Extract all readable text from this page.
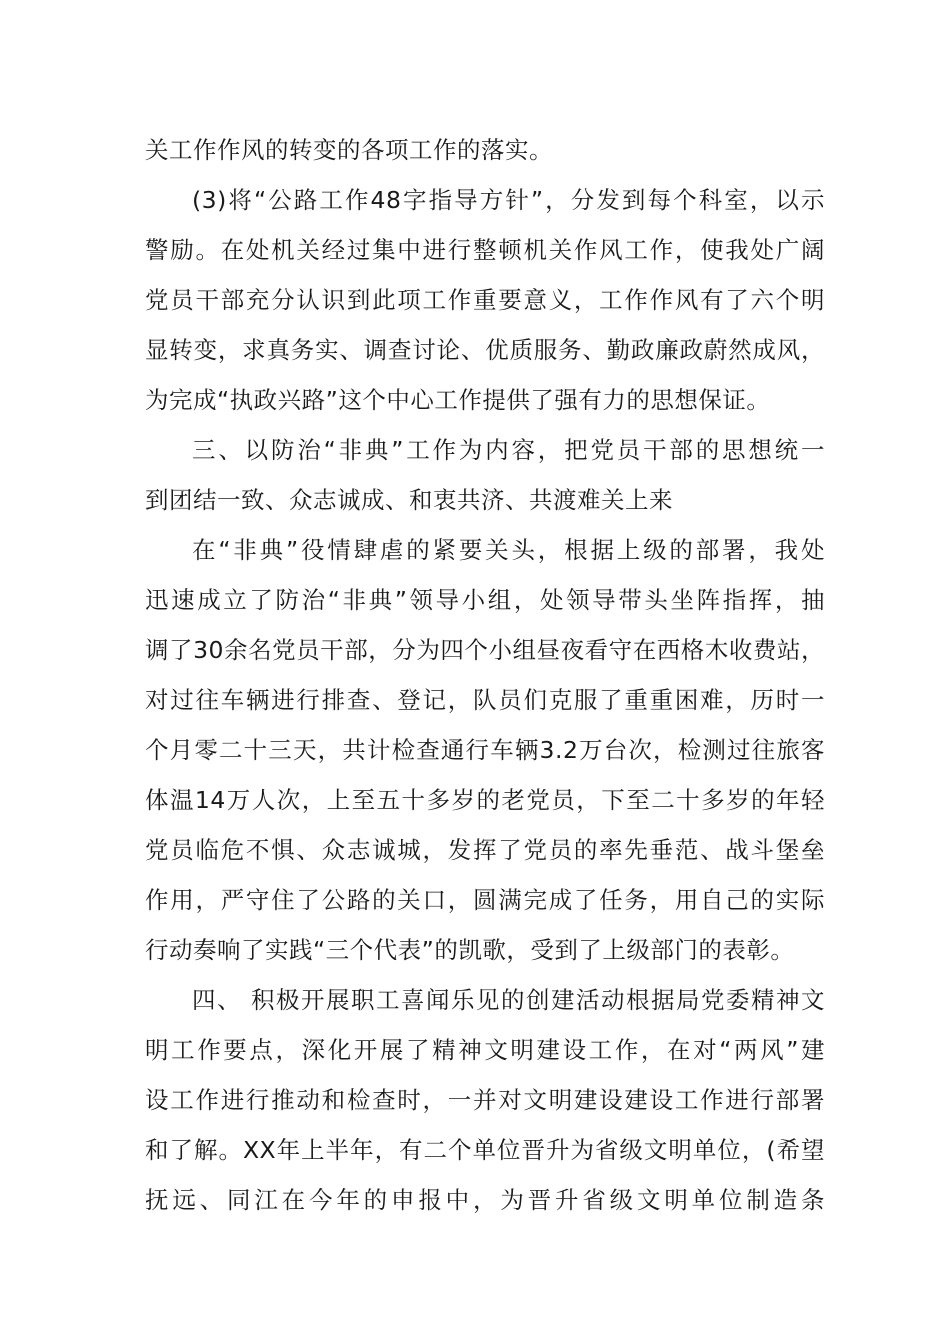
关工作作风的转变的各项工作的落实。
(3)将“公路工作48字指导方针”，分发到每个科室，以示
警励。在处机关经过集中进行整顿机关作风工作，使我处广阔
党员干部充分认识到此项工作重要意义，工作作风有了六个明
显转变，求真务实、调查讨论、优质服务、勤政廉政蔚然成风，
为完成“执政兴路”这个中心工作提供了强有力的思想保证。
三、以防治“非典”工作为内容，把党员干部的思想统一
到团结一致、众志诚成、和衷共济、共渡难关上来
在“非典”役情肆虐的紧要关头，根据上级的部署，我处
迅速成立了防治“非典”领导小组，处领导带头坐阵指挥，抽
调了30余名党员干部，分为四个小组昼夜看守在西格木收费站，
对过往车辆进行排查、登记，队员们克服了重重困难，历时一
个月零二十三天，共计检查通行车辆3.2万台次，检测过往旅客
体温14万人次，上至五十多岁的老党员，下至二十多岁的年轻
党员临危不惧、众志诚城，发挥了党员的率先垂范、战斗堡垒
作用，严守住了公路的关口，圆满完成了任务，用自己的实际
行动奏响了实践“三个代表”的凯歌，受到了上级部门的表彰。
四、 积极开展职工喜闻乐见的创建活动根据局党委精神文
明工作要点，深化开展了精神文明建设工作，在对“两风”建
设工作进行推动和检查时，一并对文明建设建设工作进行部署
和了解。XX年上半年，有二个单位晋升为省级文明单位，(希望
抚远、同江在今年的申报中，为晋升省级文明单位制造条
